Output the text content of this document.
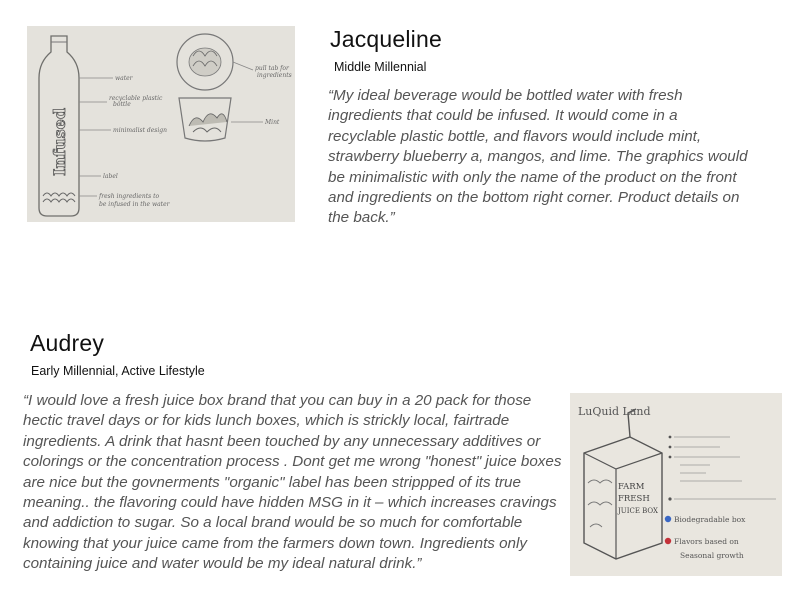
Infused
water
recyclable plastic
bottle
minimalist design
label
fresh ingredients to
be infused in the water
pull tab for
ingredients
Mint
Jacqueline
Middle Millennial

“My ideal beverage would be bottled water with fresh ingredients that could be infused. It would come in a recyclable plastic bottle, and flavors would include mint, strawberry blueberry a, mangos, and lime. The graphics would be minimalistic with only the name of the product on the front and ingredients on the bottom right corner. Product details on the back.”

Audrey
Early Millennial, Active Lifestyle

“I would love a fresh juice box brand that you can buy in a 20 pack for those hectic travel days or for kids lunch boxes, which is strickly local, fairtrade ingredients. A drink that hasnt been touched by any unnecessary additives or colorings or the concentration process . Dont get me wrong "honest" juice boxes are nice but the govnerments "organic" label has been strippped of its true meaning.. the flavoring could have hidden MSG in it – which increases cravings and addiction to sugar. So a local brand would be so much for comfortable knowing that your juice came from the farmers down town. Ingredients only containing juice and water would be my ideal natural drink.”

LuQuid Land
FARM
FRESH
JUICE BOX
Biodegradable box
Flavors based on
Seasonal growth
